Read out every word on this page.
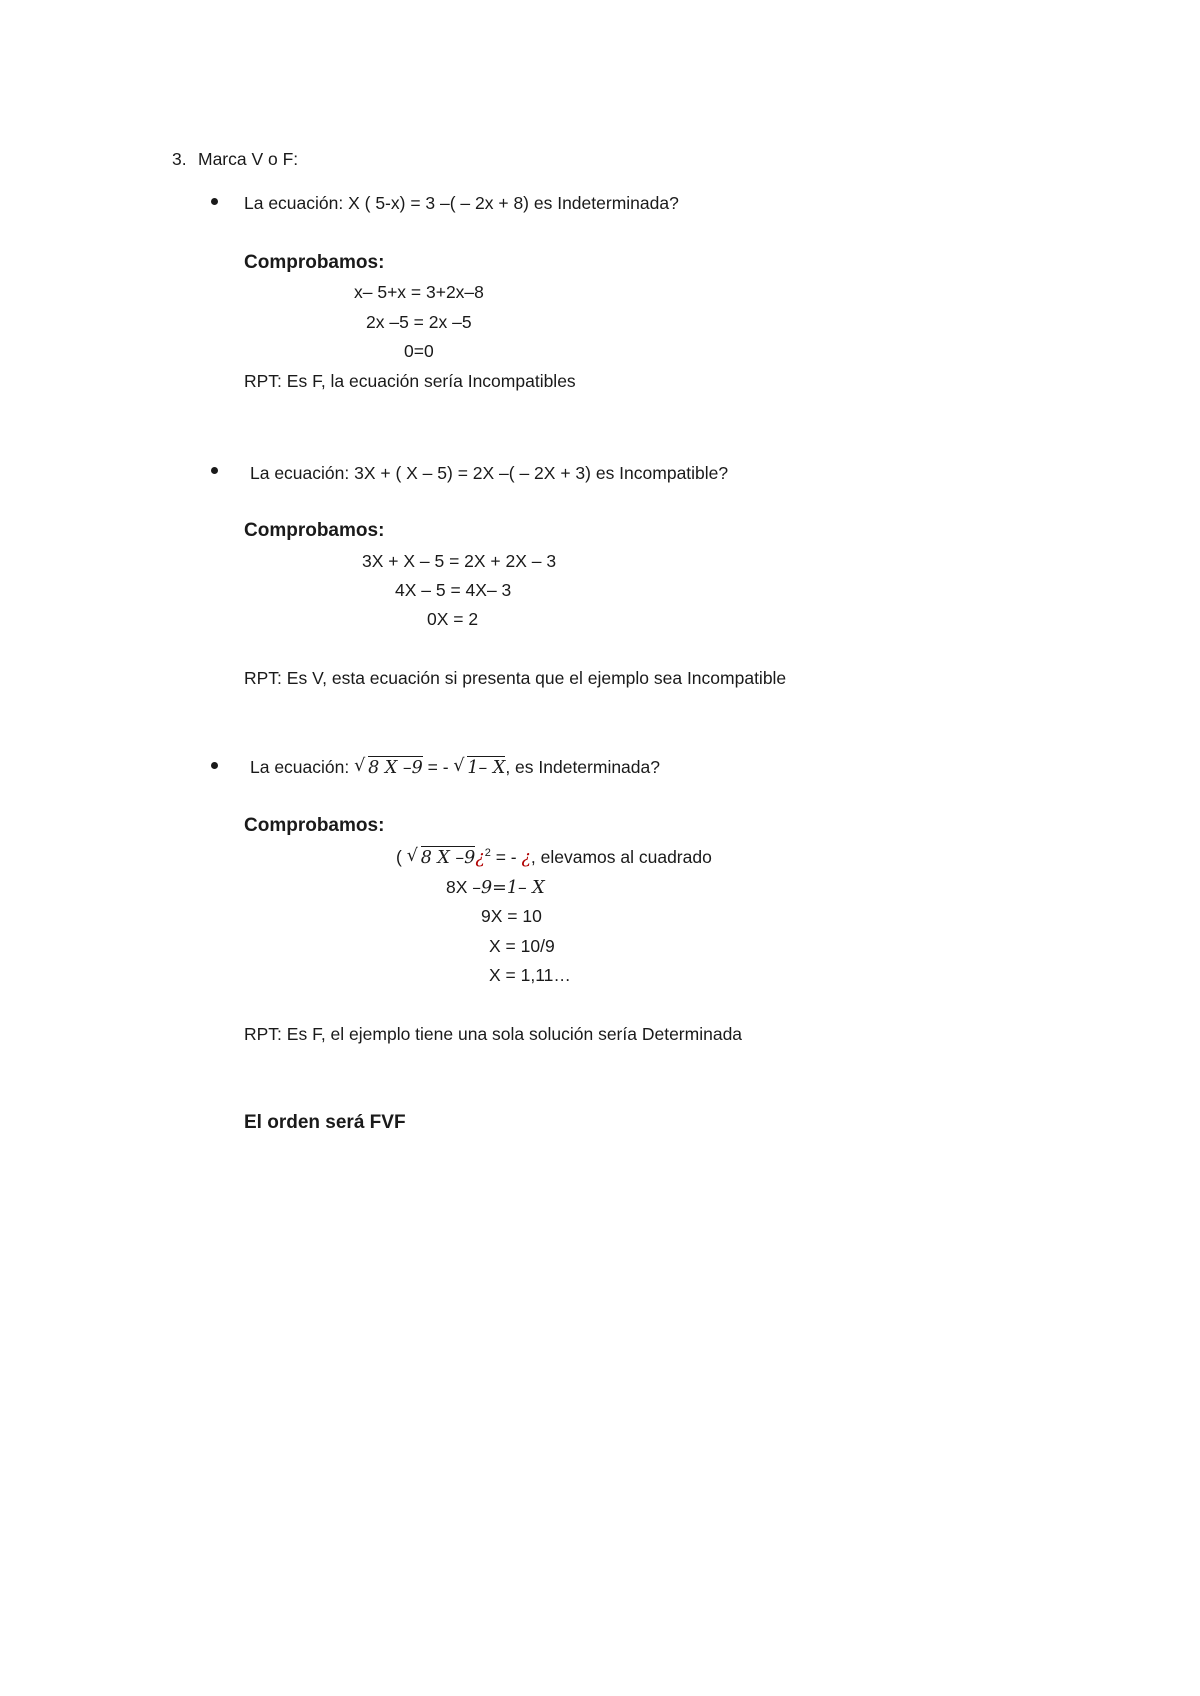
3. Marca V o F:
La ecuación: X ( 5-x) = 3 –( – 2x + 8) es Indeterminada?
Comprobamos:
x– 5+x = 3+2x–8
2x –5 = 2x –5
0=0
RPT: Es F, la ecuación sería Incompatibles
La ecuación: 3X + ( X – 5) = 2X –( – 2X + 3) es Incompatible?
Comprobamos:
3X + X – 5 = 2X + 2X – 3
4X – 5 = 4X– 3
0X = 2
RPT: Es V, esta ecuación si presenta que el ejemplo sea Incompatible
La ecuación: √ 8 X –9 = - √ 1– X, es Indeterminada?
Comprobamos:
( √ 8 X –9¿$^2$ = - ¿, elevamos al cuadrado
8X –9=1– X
9X = 10
X = 10/9
X = 1,11…
RPT: Es F, el ejemplo tiene una sola solución sería Determinada
El orden será FVF
